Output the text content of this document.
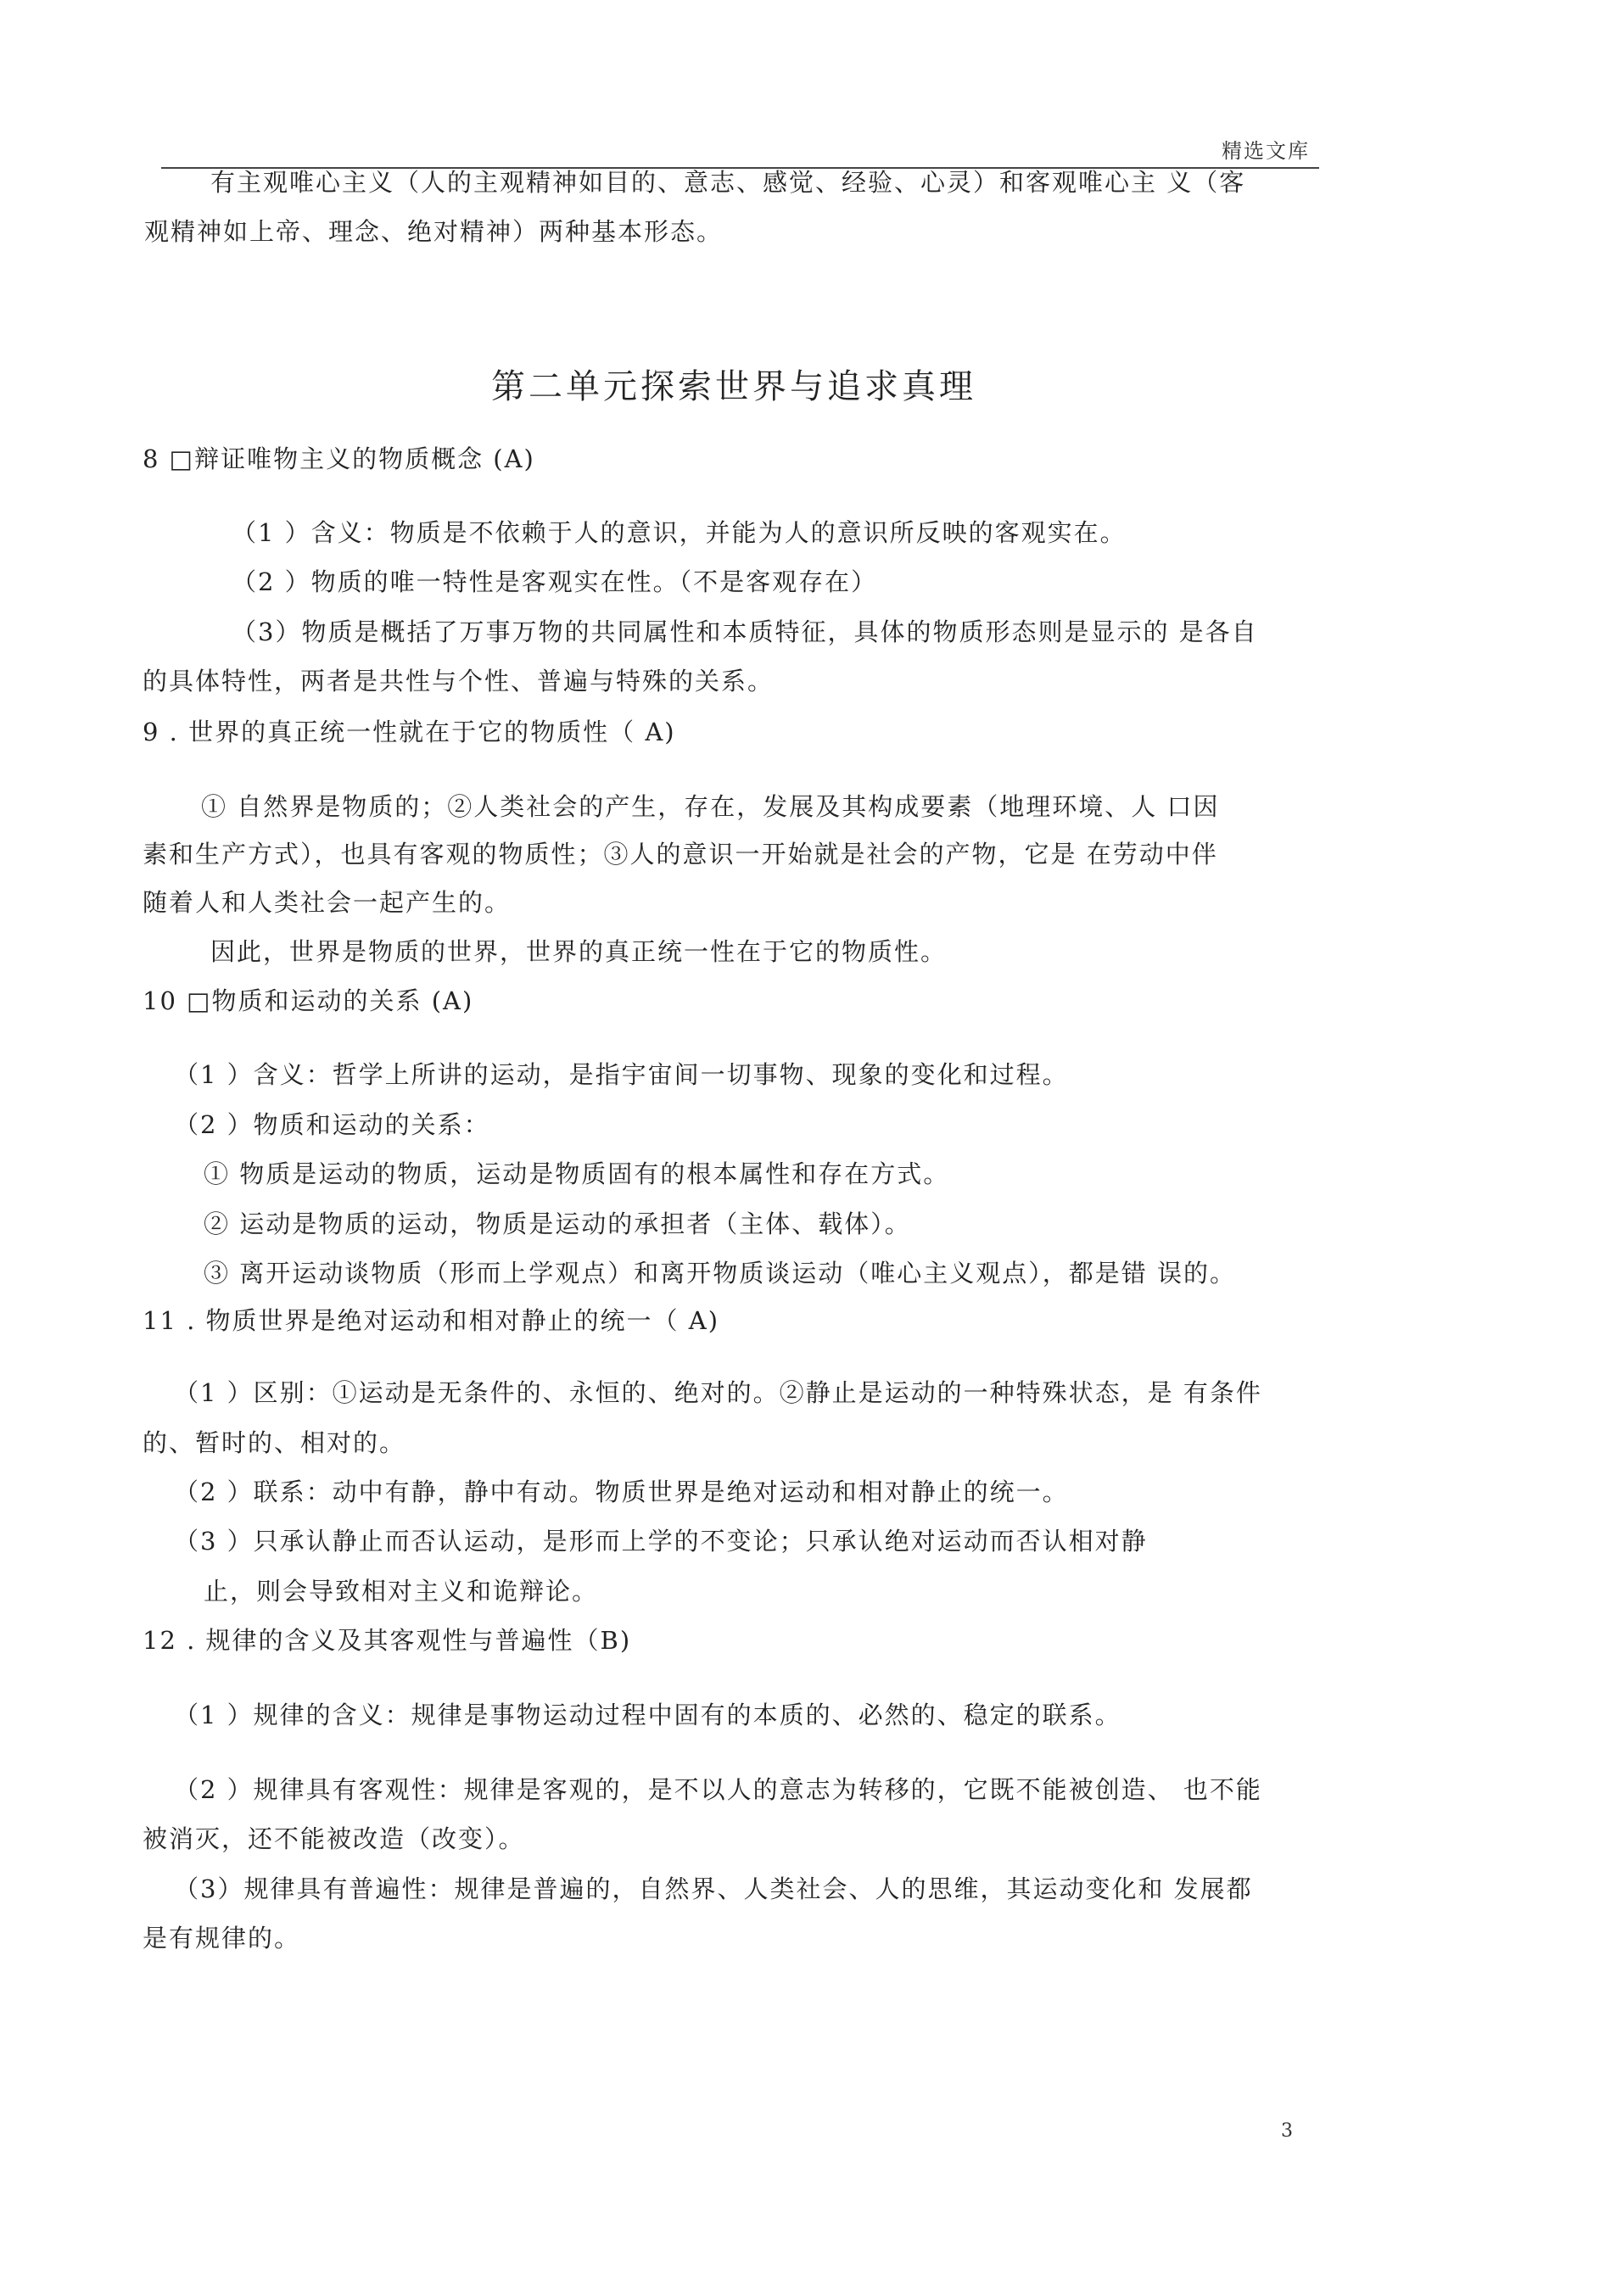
精选文库
有主观唯心主义（人的主观精神如目的、意志、感觉、经验、心灵）和客观唯心主 义（客
观精神如上帝、理念、绝对精神）两种基本形态。
第二单元探索世界与追求真理
8 □辩证唯物主义的物质概念 (A)
（1 ）含义：物质是不依赖于人的意识，并能为人的意识所反映的客观实在。
（2 ）物质的唯一特性是客观实在性。（不是客观存在）
（3）物质是概括了万事万物的共同属性和本质特征，具体的物质形态则是显示的 是各自
的具体特性，两者是共性与个性、普遍与特殊的关系。
9 . 世界的真正统一性就在于它的物质性（ A)
① 自然界是物质的；②人类社会的产生，存在，发展及其构成要素（地理环境、人 口因
素和生产方式），也具有客观的物质性；③人的意识一开始就是社会的产物，它是 在劳动中伴
随着人和人类社会一起产生的。
因此，世界是物质的世界，世界的真正统一性在于它的物质性。
10 □物质和运动的关系 (A)
（1 ）含义：哲学上所讲的运动，是指宇宙间一切事物、现象的变化和过程。
（2 ）物质和运动的关系：
① 物质是运动的物质，运动是物质固有的根本属性和存在方式。
② 运动是物质的运动，物质是运动的承担者（主体、载体）。
③ 离开运动谈物质（形而上学观点）和离开物质谈运动（唯心主义观点），都是错 误的。
11 . 物质世界是绝对运动和相对静止的统一（ A)
（1 ）区别：①运动是无条件的、永恒的、绝对的。②静止是运动的一种特殊状态，是 有条件
的、暂时的、相对的。
（2 ）联系：动中有静，静中有动。物质世界是绝对运动和相对静止的统一。
（3 ）只承认静止而否认运动，是形而上学的不变论；只承认绝对运动而否认相对静
止，则会导致相对主义和诡辩论。
12 . 规律的含义及其客观性与普遍性（B)
（1 ）规律的含义：规律是事物运动过程中固有的本质的、必然的、稳定的联系。
（2 ）规律具有客观性：规律是客观的，是不以人的意志为转移的，它既不能被创造、 也不能
被消灭，还不能被改造（改变）。
（3）规律具有普遍性：规律是普遍的，自然界、人类社会、人的思维，其运动变化和 发展都
是有规律的。
3
